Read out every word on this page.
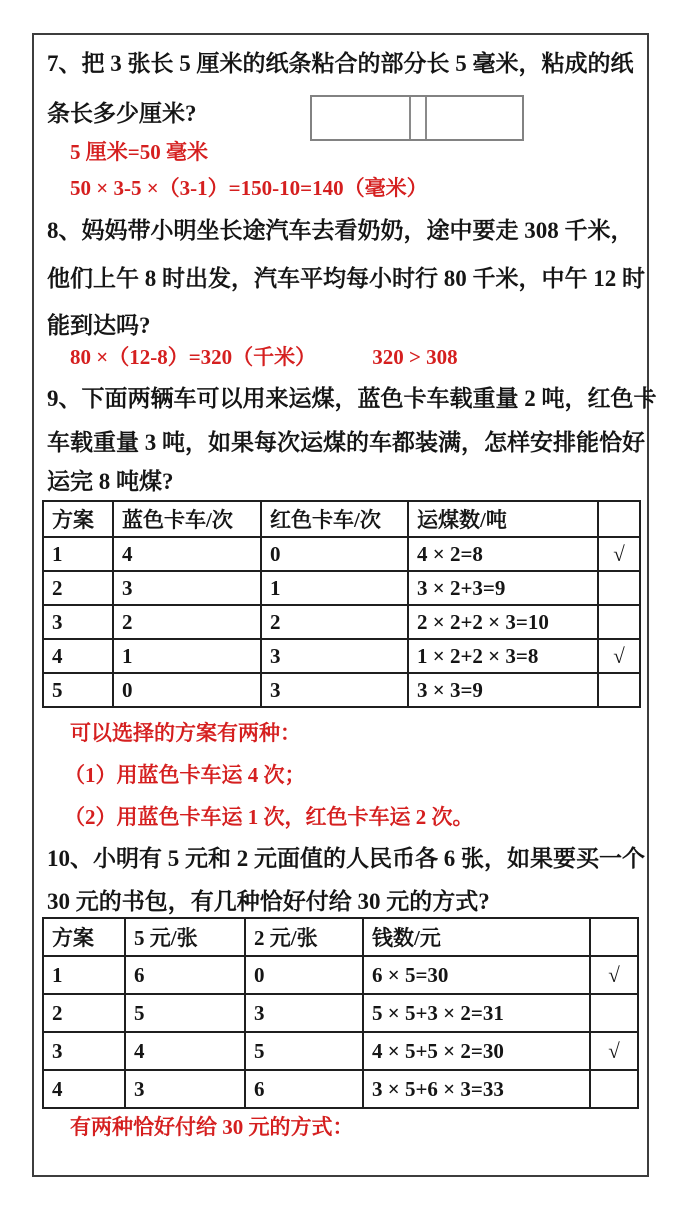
7、把 3 张长 5 厘米的纸条粘合的部分长 5 毫米，粘成的纸
条长多少厘米?
5 厘米=50 毫米
50 × 3-5 ×（3-1）=150-10=140（毫米）
8、妈妈带小明坐长途汽车去看奶奶，途中要走 308 千米，
他们上午 8 时出发，汽车平均每小时行 80 千米，中午 12 时
能到达吗?
80 ×（12-8）=320（千米）	320 > 308
9、下面两辆车可以用来运煤，蓝色卡车载重量 2 吨，红色卡
车载重量 3 吨，如果每次运煤的车都装满，怎样安排能恰好
运完 8 吨煤?
方案	蓝色卡车/次	红色卡车/次	运煤数/吨	
1	4	0	4 × 2=8	√
2	3	1	3 × 2+3=9	
3	2	2	2 × 2+2 × 3=10	
4	1	3	1 × 2+2 × 3=8	√
5	0	3	3 × 3=9	
可以选择的方案有两种：
（1）用蓝色卡车运 4 次；
（2）用蓝色卡车运 1 次，红色卡车运 2 次。
10、小明有 5 元和 2 元面值的人民币各 6 张，如果要买一个
30 元的书包，有几种恰好付给 30 元的方式?
方案	5 元/张	2 元/张	钱数/元	
1	6	0	6 × 5=30	√
2	5	3	5 × 5+3 × 2=31	
3	4	5	4 × 5+5 × 2=30	√
4	3	6	3 × 5+6 × 3=33	
有两种恰好付给 30 元的方式：
